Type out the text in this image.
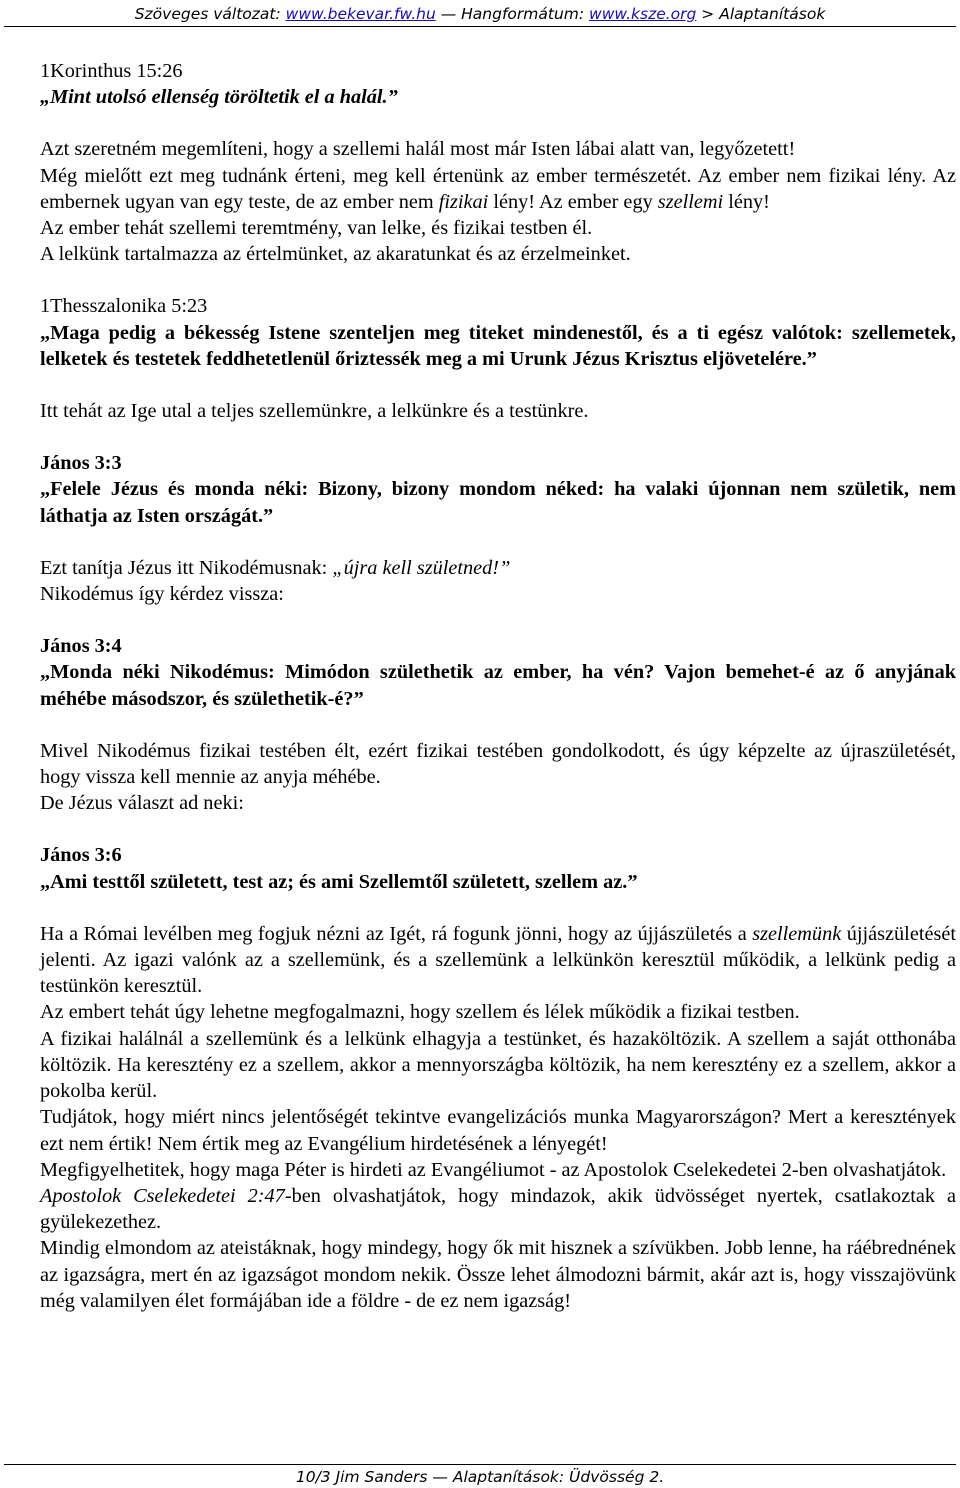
Szöveges változat: www.bekevar.fw.hu — Hangformátum: www.ksze.org > Alaptanítások

1Korinthus 15:26

„Mint utolsó ellenség töröltetik el a halál.”

Azt szeretném megemlíteni, hogy a szellemi halál most már Isten lábai alatt van, legyőzetett!

Még mielőtt ezt meg tudnánk érteni, meg kell értenünk az ember természetét. Az ember nem fizikai lény. Az embernek ugyan van egy teste, de az ember nem fizikai lény! Az ember egy szellemi lény!

Az ember tehát szellemi teremtmény, van lelke, és fizikai testben él.

A lelkünk tartalmazza az értelmünket, az akaratunkat és az érzelmeinket.

1Thesszalonika 5:23

„Maga pedig a békesség Istene szenteljen meg titeket mindenestől, és a ti egész valótok: szellemetek, lelketek és testetek feddhetetlenül őriztessék meg a mi Urunk Jézus Krisztus eljövetelére.”

Itt tehát az Ige utal a teljes szellemünkre, a lelkünkre és a testünkre.

János 3:3

„Felele Jézus és monda néki: Bizony, bizony mondom néked: ha valaki újonnan nem születik, nem láthatja az Isten országát.”

Ezt tanítja Jézus itt Nikodémusnak: „újra kell születned!”

Nikodémus így kérdez vissza:

János 3:4

„Monda néki Nikodémus: Mimódon születhetik az ember, ha vén? Vajon bemehet-é az ő anyjának méhébe másodszor, és születhetik-é?”

Mivel Nikodémus fizikai testében élt, ezért fizikai testében gondolkodott, és úgy képzelte az újraszületését, hogy vissza kell mennie az anyja méhébe.

De Jézus választ ad neki:

János 3:6

„Ami testtől született, test az; és ami Szellemtől született, szellem az.”

Ha a Római levélben meg fogjuk nézni az Igét, rá fogunk jönni, hogy az újjászületés a szellemünk újjászületését jelenti. Az igazi valónk az a szellemünk, és a szellemünk a lelkünkön keresztül működik, a lelkünk pedig a testünkön keresztül.

Az embert tehát úgy lehetne megfogalmazni, hogy szellem és lélek működik a fizikai testben.

A fizikai halálnál a szellemünk és a lelkünk elhagyja a testünket, és hazaköltözik. A szellem a saját otthonába költözik. Ha keresztény ez a szellem, akkor a mennyországba költözik, ha nem keresztény ez a szellem, akkor a pokolba kerül.

Tudjátok, hogy miért nincs jelentőségét tekintve evangelizációs munka Magyarországon? Mert a keresztények ezt nem értik! Nem értik meg az Evangélium hirdetésének a lényegét!

Megfigyelhetitek, hogy maga Péter is hirdeti az Evangéliumot - az Apostolok Cselekedetei 2-ben olvashatjátok.

Apostolok Cselekedetei 2:47-ben olvashatjátok, hogy mindazok, akik üdvösséget nyertek, csatlakoztak a gyülekezethez.

Mindig elmondom az ateistáknak, hogy mindegy, hogy ők mit hisznek a szívükben. Jobb lenne, ha ráébrednének az igazságra, mert én az igazságot mondom nekik. Össze lehet álmodozni bármit, akár azt is, hogy visszajövünk még valamilyen élet formájában ide a földre - de ez nem igazság!

10/3 Jim Sanders — Alaptanítások: Üdvösség 2.
